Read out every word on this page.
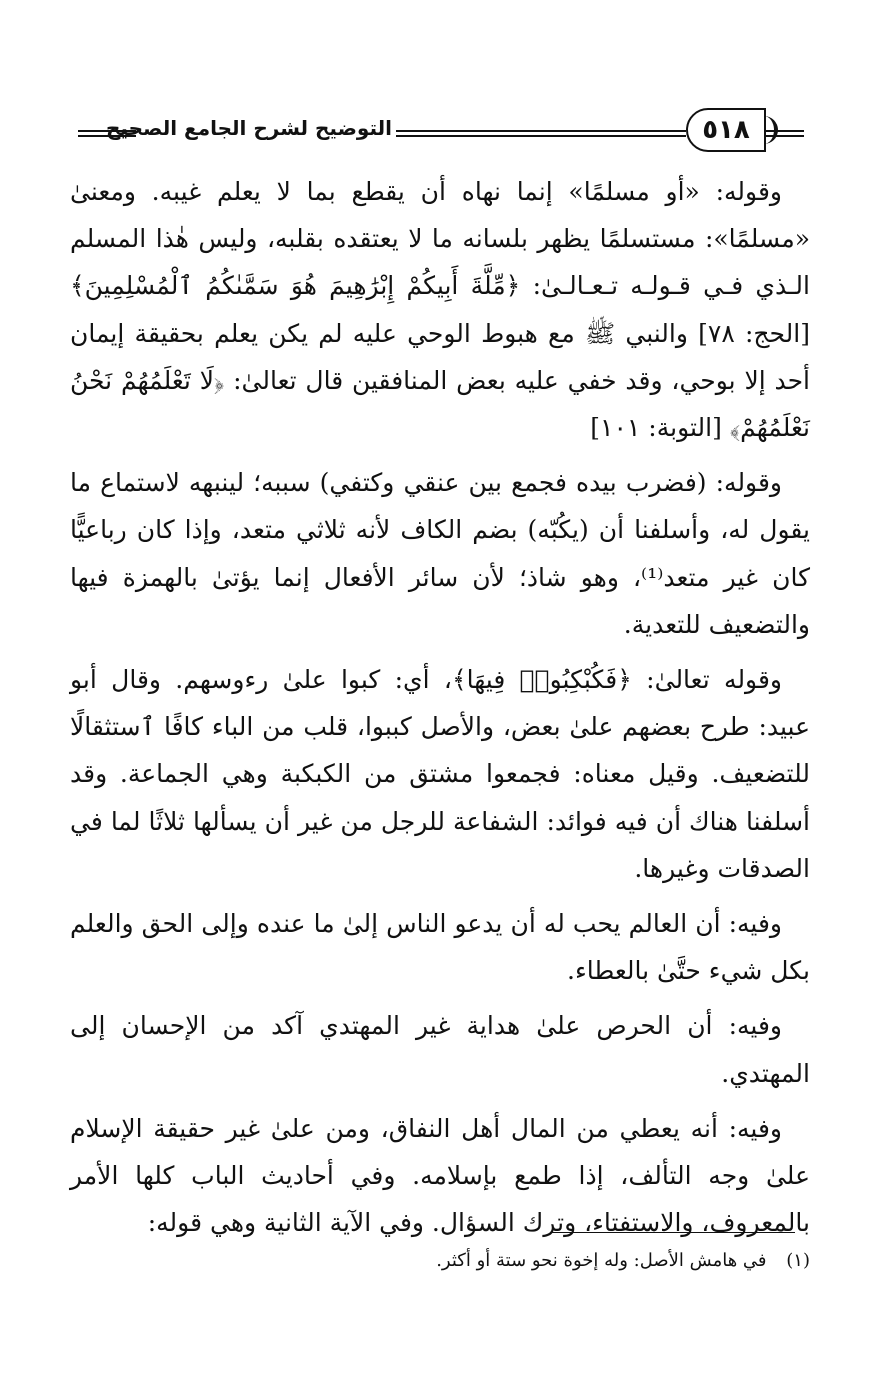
التوضيح لشرح الجامع الصحيح	٥١٨

وقوله: «أو مسلمًا» إنما نهاه أن يقطع بما لا يعلم غيبه. ومعنىٰ «مسلمًا»: مستسلمًا يظهر بلسانه ما لا يعتقده بقلبه، وليس هٰذا المسلم الـذي فـي قـولـه تـعـالـىٰ: ﴿مِّلَّةَ أَبِيكُمْ إِبْرَٰهِيمَ هُوَ سَمَّىٰكُمُ ٱلْمُسْلِمِينَ﴾ [الحج: ٧٨] والنبي ﷺ مع هبوط الوحي عليه لم يكن يعلم بحقيقة إيمان أحد إلا بوحي، وقد خفي عليه بعض المنافقين قال تعالىٰ: ﴿لَا تَعْلَمُهُمْ نَحْنُ نَعْلَمُهُمْ﴾ [التوبة: ١٠١]

وقوله: (فضرب بيده فجمع بين عنقي وكتفي) سببه؛ لينبهه لاستماع ما يقول له، وأسلفنا أن (يكُبّه) بضم الكاف لأنه ثلاثي متعد، وإذا كان رباعيًّا كان غير متعد⁽¹⁾، وهو شاذ؛ لأن سائر الأفعال إنما يؤتىٰ بالهمزة فيها والتضعيف للتعدية.

وقوله تعالىٰ: ﴿فَكُبْكِبُوا۟ فِيهَا﴾، أي: كبوا علىٰ رءوسهم. وقال أبو عبيد: طرح بعضهم علىٰ بعض، والأصل كببوا، قلب من الباء كافًا ٱستثقالًا للتضعيف. وقيل معناه: فجمعوا مشتق من الكبكبة وهي الجماعة. وقد أسلفنا هناك أن فيه فوائد: الشفاعة للرجل من غير أن يسألها ثلاثًا لما في الصدقات وغيرها.

وفيه: أن العالم يحب له أن يدعو الناس إلىٰ ما عنده وإلى الحق والعلم بكل شيء حتَّىٰ بالعطاء.

وفيه: أن الحرص علىٰ هداية غير المهتدي آكد من الإحسان إلى المهتدي.

وفيه: أنه يعطي من المال أهل النفاق، ومن علىٰ غير حقيقة الإسلام علىٰ وجه التألف، إذا طمع بإسلامه. وفي أحاديث الباب كلها الأمر بالمعروف، والاستفتاء، وترك السؤال. وفي الآية الثانية وهي قوله:

(١) في هامش الأصل: وله إخوة نحو ستة أو أكثر.
